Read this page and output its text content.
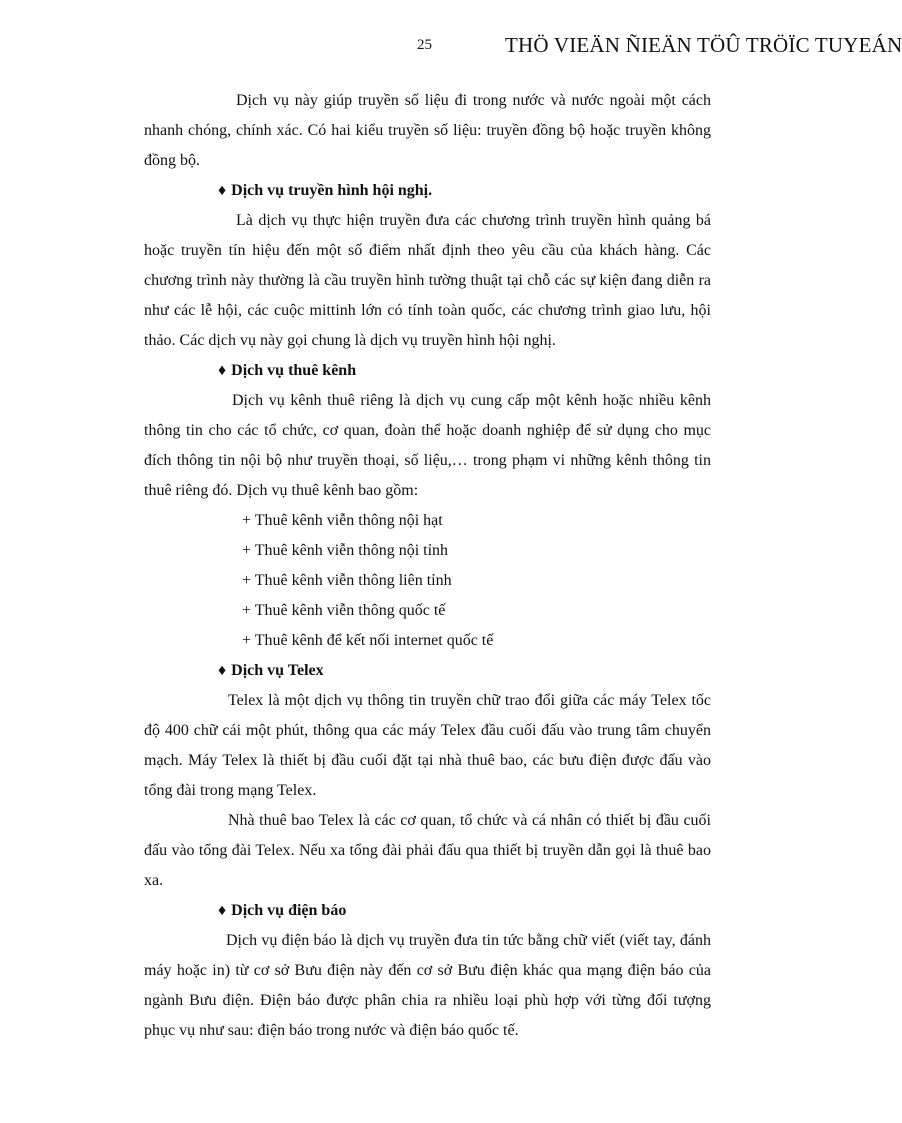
25	THÖ VIEÄN ÑIEÄN TÖÛ TRÖÏC TUYEÁN

Dịch vụ này giúp truyền số liệu đi trong nước và nước ngoài một cách nhanh chóng, chính xác. Có hai kiểu truyền số liệu: truyền đồng bộ hoặc truyền không đồng bộ.

♦ Dịch vụ truyền hình hội nghị.

Là dịch vụ thực hiện truyền đưa các chương trình truyền hình quảng bá hoặc truyền tín hiệu đến một số điểm nhất định theo yêu cầu của khách hàng. Các chương trình này thường là cầu truyền hình tường thuật tại chỗ các sự kiện đang diễn ra như các lễ hội, các cuộc mittinh lớn có tính toàn quốc, các chương trình giao lưu, hội thảo. Các dịch vụ này gọi chung là dịch vụ truyền hình hội nghị.

♦ Dịch vụ thuê kênh

Dịch vụ kênh thuê riêng là dịch vụ cung cấp một kênh hoặc nhiều kênh thông tin cho các tổ chức, cơ quan, đoàn thể hoặc doanh nghiệp để sử dụng cho mục đích thông tin nội bộ như truyền thoại, số liệu,… trong phạm vi những kênh thông tin thuê riêng đó. Dịch vụ thuê kênh bao gồm:

+ Thuê kênh viễn thông nội hạt
+ Thuê kênh viễn thông nội tỉnh
+ Thuê kênh viễn thông liên tỉnh
+ Thuê kênh viễn thông quốc tế
+ Thuê kênh để kết nối internet quốc tế

♦ Dịch vụ Telex

Telex là một dịch vụ thông tin truyền chữ trao đổi giữa các máy Telex tốc độ 400 chữ cái một phút, thông qua các máy Telex đầu cuối đấu vào trung tâm chuyển mạch. Máy Telex là thiết bị đầu cuối đặt tại nhà thuê bao, các bưu điện được đấu vào tổng đài trong mạng Telex.

Nhà thuê bao Telex là các cơ quan, tổ chức và cá nhân có thiết bị đầu cuối đấu vào tổng đài Telex. Nếu xa tổng đài phải đấu qua thiết bị truyền dẫn gọi là thuê bao xa.

♦ Dịch vụ điện báo

Dịch vụ điện báo là dịch vụ truyền đưa tin tức bằng chữ viết (viết tay, đánh máy hoặc in) từ cơ sở Bưu điện này đến cơ sở Bưu điện khác qua mạng điện báo của ngành Bưu điện. Điện báo được phân chia ra nhiều loại phù hợp với từng đối tượng phục vụ như sau: điện báo trong nước và điện báo quốc tế.
